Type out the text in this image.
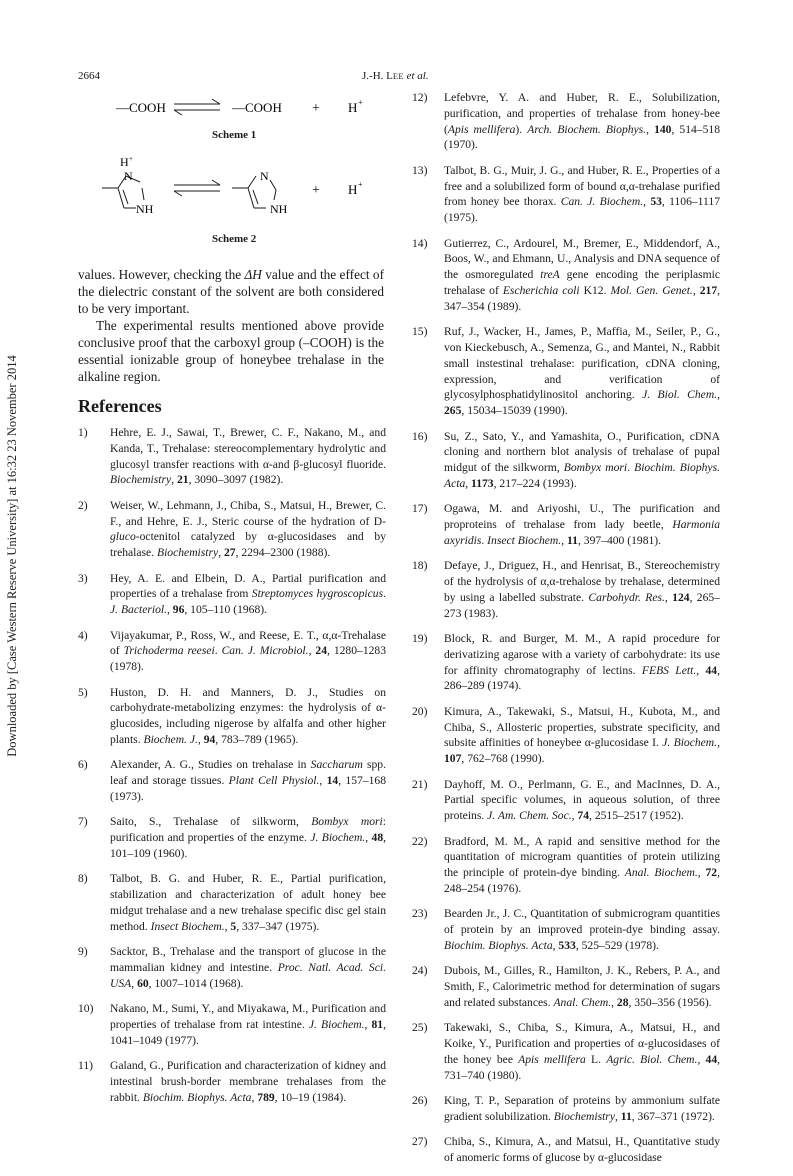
Downloaded by [Case Western Reserve University] at 16:32 23 November 2014
2664	J.-H. LEE et al.
—COOH	—COOH + H +
Scheme 1
H +
N
NH
N
NH
+ H +
Scheme 2

values. However, checking the ΔH value and the effect of the dielectric constant of the solvent are both considered to be very important.

The experimental results mentioned above provide conclusive proof that the carboxyl group (–COOH) is the essential ionizable group of honeybee trehalase in the alkaline region.

References
1)	Hehre, E. J., Sawai, T., Brewer, C. F., Nakano, M., and Kanda, T., Trehalase: stereocomplementary hydrolytic and glucosyl transfer reactions with α-and β-glucosyl fluoride. Biochemistry, 21, 3090–3097 (1982).
2)	Weiser, W., Lehmann, J., Chiba, S., Matsui, H., Brewer, C. F., and Hehre, E. J., Steric course of the hydration of D-gluco-octenitol catalyzed by α-glucosidases and by trehalase. Biochemistry, 27, 2294–2300 (1988).
3)	Hey, A. E. and Elbein, D. A., Partial purification and properties of a trehalase from Streptomyces hygroscopicus. J. Bacteriol., 96, 105–110 (1968).
4)	Vijayakumar, P., Ross, W., and Reese, E. T., α,α-Trehalase of Trichoderma reesei. Can. J. Microbiol., 24, 1280–1283 (1978).
5)	Huston, D. H. and Manners, D. J., Studies on carbohydrate-metabolizing enzymes: the hydrolysis of α-glucosides, including nigerose by alfalfa and other higher plants. Biochem. J., 94, 783–789 (1965).
6)	Alexander, A. G., Studies on trehalase in Saccharum spp. leaf and storage tissues. Plant Cell Physiol., 14, 157–168 (1973).
7)	Saito, S., Trehalase of silkworm, Bombyx mori: purification and properties of the enzyme. J. Biochem., 48, 101–109 (1960).
8)	Talbot, B. G. and Huber, R. E., Partial purification, stabilization and characterization of adult honey bee midgut trehalase and a new trehalase specific disc gel stain method. Insect Biochem., 5, 337–347 (1975).
9)	Sacktor, B., Trehalase and the transport of glucose in the mammalian kidney and intestine. Proc. Natl. Acad. Sci. USA, 60, 1007–1014 (1968).
10)	Nakano, M., Sumi, Y., and Miyakawa, M., Purification and properties of trehalase from rat intestine. J. Biochem., 81, 1041–1049 (1977).
11)	Galand, G., Purification and characterization of kidney and intestinal brush-border membrane trehalases from the rabbit. Biochim. Biophys. Acta, 789, 10–19 (1984).
12)	Lefebvre, Y. A. and Huber, R. E., Solubilization, purification, and properties of trehalase from honey-bee (Apis mellifera). Arch. Biochem. Biophys., 140, 514–518 (1970).
13)	Talbot, B. G., Muir, J. G., and Huber, R. E., Properties of a free and a solubilized form of bound α,α-trehalase purified from honey bee thorax. Can. J. Biochem., 53, 1106–1117 (1975).
14)	Gutierrez, C., Ardourel, M., Bremer, E., Middendorf, A., Boos, W., and Ehmann, U., Analysis and DNA sequence of the osmoregulated treA gene encoding the periplasmic trehalase of Escherichia coli K12. Mol. Gen. Genet., 217, 347–354 (1989).
15)	Ruf, J., Wacker, H., James, P., Maffia, M., Seiler, P., G., von Kieckebusch, A., Semenza, G., and Mantei, N., Rabbit small instestinal trehalase: purification, cDNA cloning, expression, and verification of glycosylphosphatidylinositol anchoring. J. Biol. Chem., 265, 15034–15039 (1990).
16)	Su, Z., Sato, Y., and Yamashita, O., Purification, cDNA cloning and northern blot analysis of trehalase of pupal midgut of the silkworm, Bombyx mori. Biochim. Biophys. Acta, 1173, 217–224 (1993).
17)	Ogawa, M. and Ariyoshi, U., The purification and proproteins of trehalase from lady beetle, Harmonia axyridis. Insect Biochem., 11, 397–400 (1981).
18)	Defaye, J., Driguez, H., and Henrisat, B., Stereochemistry of the hydrolysis of α,α-trehalose by trehalase, determined by using a labelled substrate. Carbohydr. Res., 124, 265–273 (1983).
19)	Block, R. and Burger, M. M., A rapid procedure for derivatizing agarose with a variety of carbohydrate: its use for affinity chromatography of lectins. FEBS Lett., 44, 286–289 (1974).
20)	Kimura, A., Takewaki, S., Matsui, H., Kubota, M., and Chiba, S., Allosteric properties, substrate specificity, and subsite affinities of honeybee α-glucosidase I. J. Biochem., 107, 762–768 (1990).
21)	Dayhoff, M. O., Perlmann, G. E., and MacInnes, D. A., Partial specific volumes, in aqueous solution, of three proteins. J. Am. Chem. Soc., 74, 2515–2517 (1952).
22)	Bradford, M. M., A rapid and sensitive method for the quantitation of microgram quantities of protein utilizing the principle of protein-dye binding. Anal. Biochem., 72, 248–254 (1976).
23)	Bearden Jr., J. C., Quantitation of submicrogram quantities of protein by an improved protein-dye binding assay. Biochim. Biophys. Acta, 533, 525–529 (1978).
24)	Dubois, M., Gilles, R., Hamilton, J. K., Rebers, P. A., and Smith, F., Calorimetric method for determination of sugars and related substances. Anal. Chem., 28, 350–356 (1956).
25)	Takewaki, S., Chiba, S., Kimura, A., Matsui, H., and Koike, Y., Purification and properties of α-glucosidases of the honey bee Apis mellifera L. Agric. Biol. Chem., 44, 731–740 (1980).
26)	King, T. P., Separation of proteins by ammonium sulfate gradient solubilization. Biochemistry, 11, 367–371 (1972).
27)	Chiba, S., Kimura, A., and Matsui, H., Quantitative study of anomeric forms of glucose by α-glucosidase
